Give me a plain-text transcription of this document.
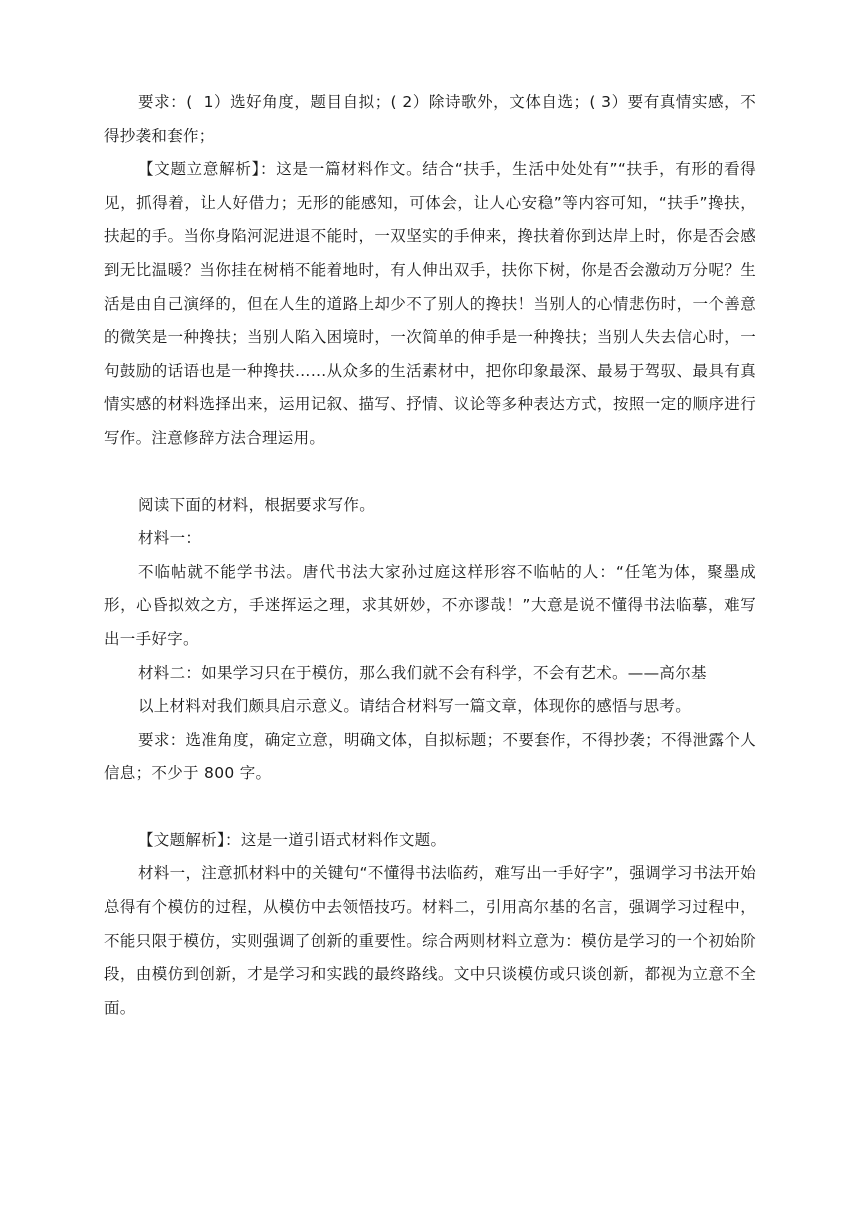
要求：(  1）选好角度，题目自拟；( 2）除诗歌外，文体自选；( 3）要有真情实感，不得抄袭和套作；

【文题立意解析】：这是一篇材料作文。结合“扶手，生活中处处有”“扶手，有形的看得见，抓得着，让人好借力；无形的能感知，可体会，让人心安稳”等内容可知，“扶手”搀扶，扶起的手。当你身陷河泥进退不能时，一双坚实的手伸来，搀扶着你到达岸上时，你是否会感到无比温暖？当你挂在树梢不能着地时，有人伸出双手，扶你下树，你是否会激动万分呢？生活是由自己演绎的，但在人生的道路上却少不了别人的搀扶！当别人的心情悲伤时，一个善意的微笑是一种搀扶；当别人陷入困境时，一次简单的伸手是一种搀扶；当别人失去信心时，一句鼓励的话语也是一种搀扶……从众多的生活素材中，把你印象最深、最易于驾驭、最具有真情实感的材料选择出来，运用记叙、描写、抒情、议论等多种表达方式，按照一定的顺序进行写作。注意修辞方法合理运用。

阅读下面的材料，根据要求写作。

材料一：

不临帖就不能学书法。唐代书法大家孙过庭这样形容不临帖的人：“任笔为体，聚墨成形，心昏拟效之方，手迷挥运之理，求其妍妙，不亦谬哉！”大意是说不懂得书法临摹，难写出一手好字。

材料二：如果学习只在于模仿，那么我们就不会有科学，不会有艺术。——高尔基

以上材料对我们颇具启示意义。请结合材料写一篇文章，体现你的感悟与思考。

要求：选准角度，确定立意，明确文体，自拟标题；不要套作，不得抄袭；不得泄露个人信息；不少于 800 字。

【文题解析】：这是一道引语式材料作文题。

材料一，注意抓材料中的关键句“不懂得书法临药，难写出一手好字”，强调学习书法开始总得有个模仿的过程，从模仿中去领悟技巧。材料二，引用高尔基的名言，强调学习过程中，不能只限于模仿，实则强调了创新的重要性。综合两则材料立意为：模仿是学习的一个初始阶段，由模仿到创新，才是学习和实践的最终路线。文中只谈模仿或只谈创新，都视为立意不全面。
